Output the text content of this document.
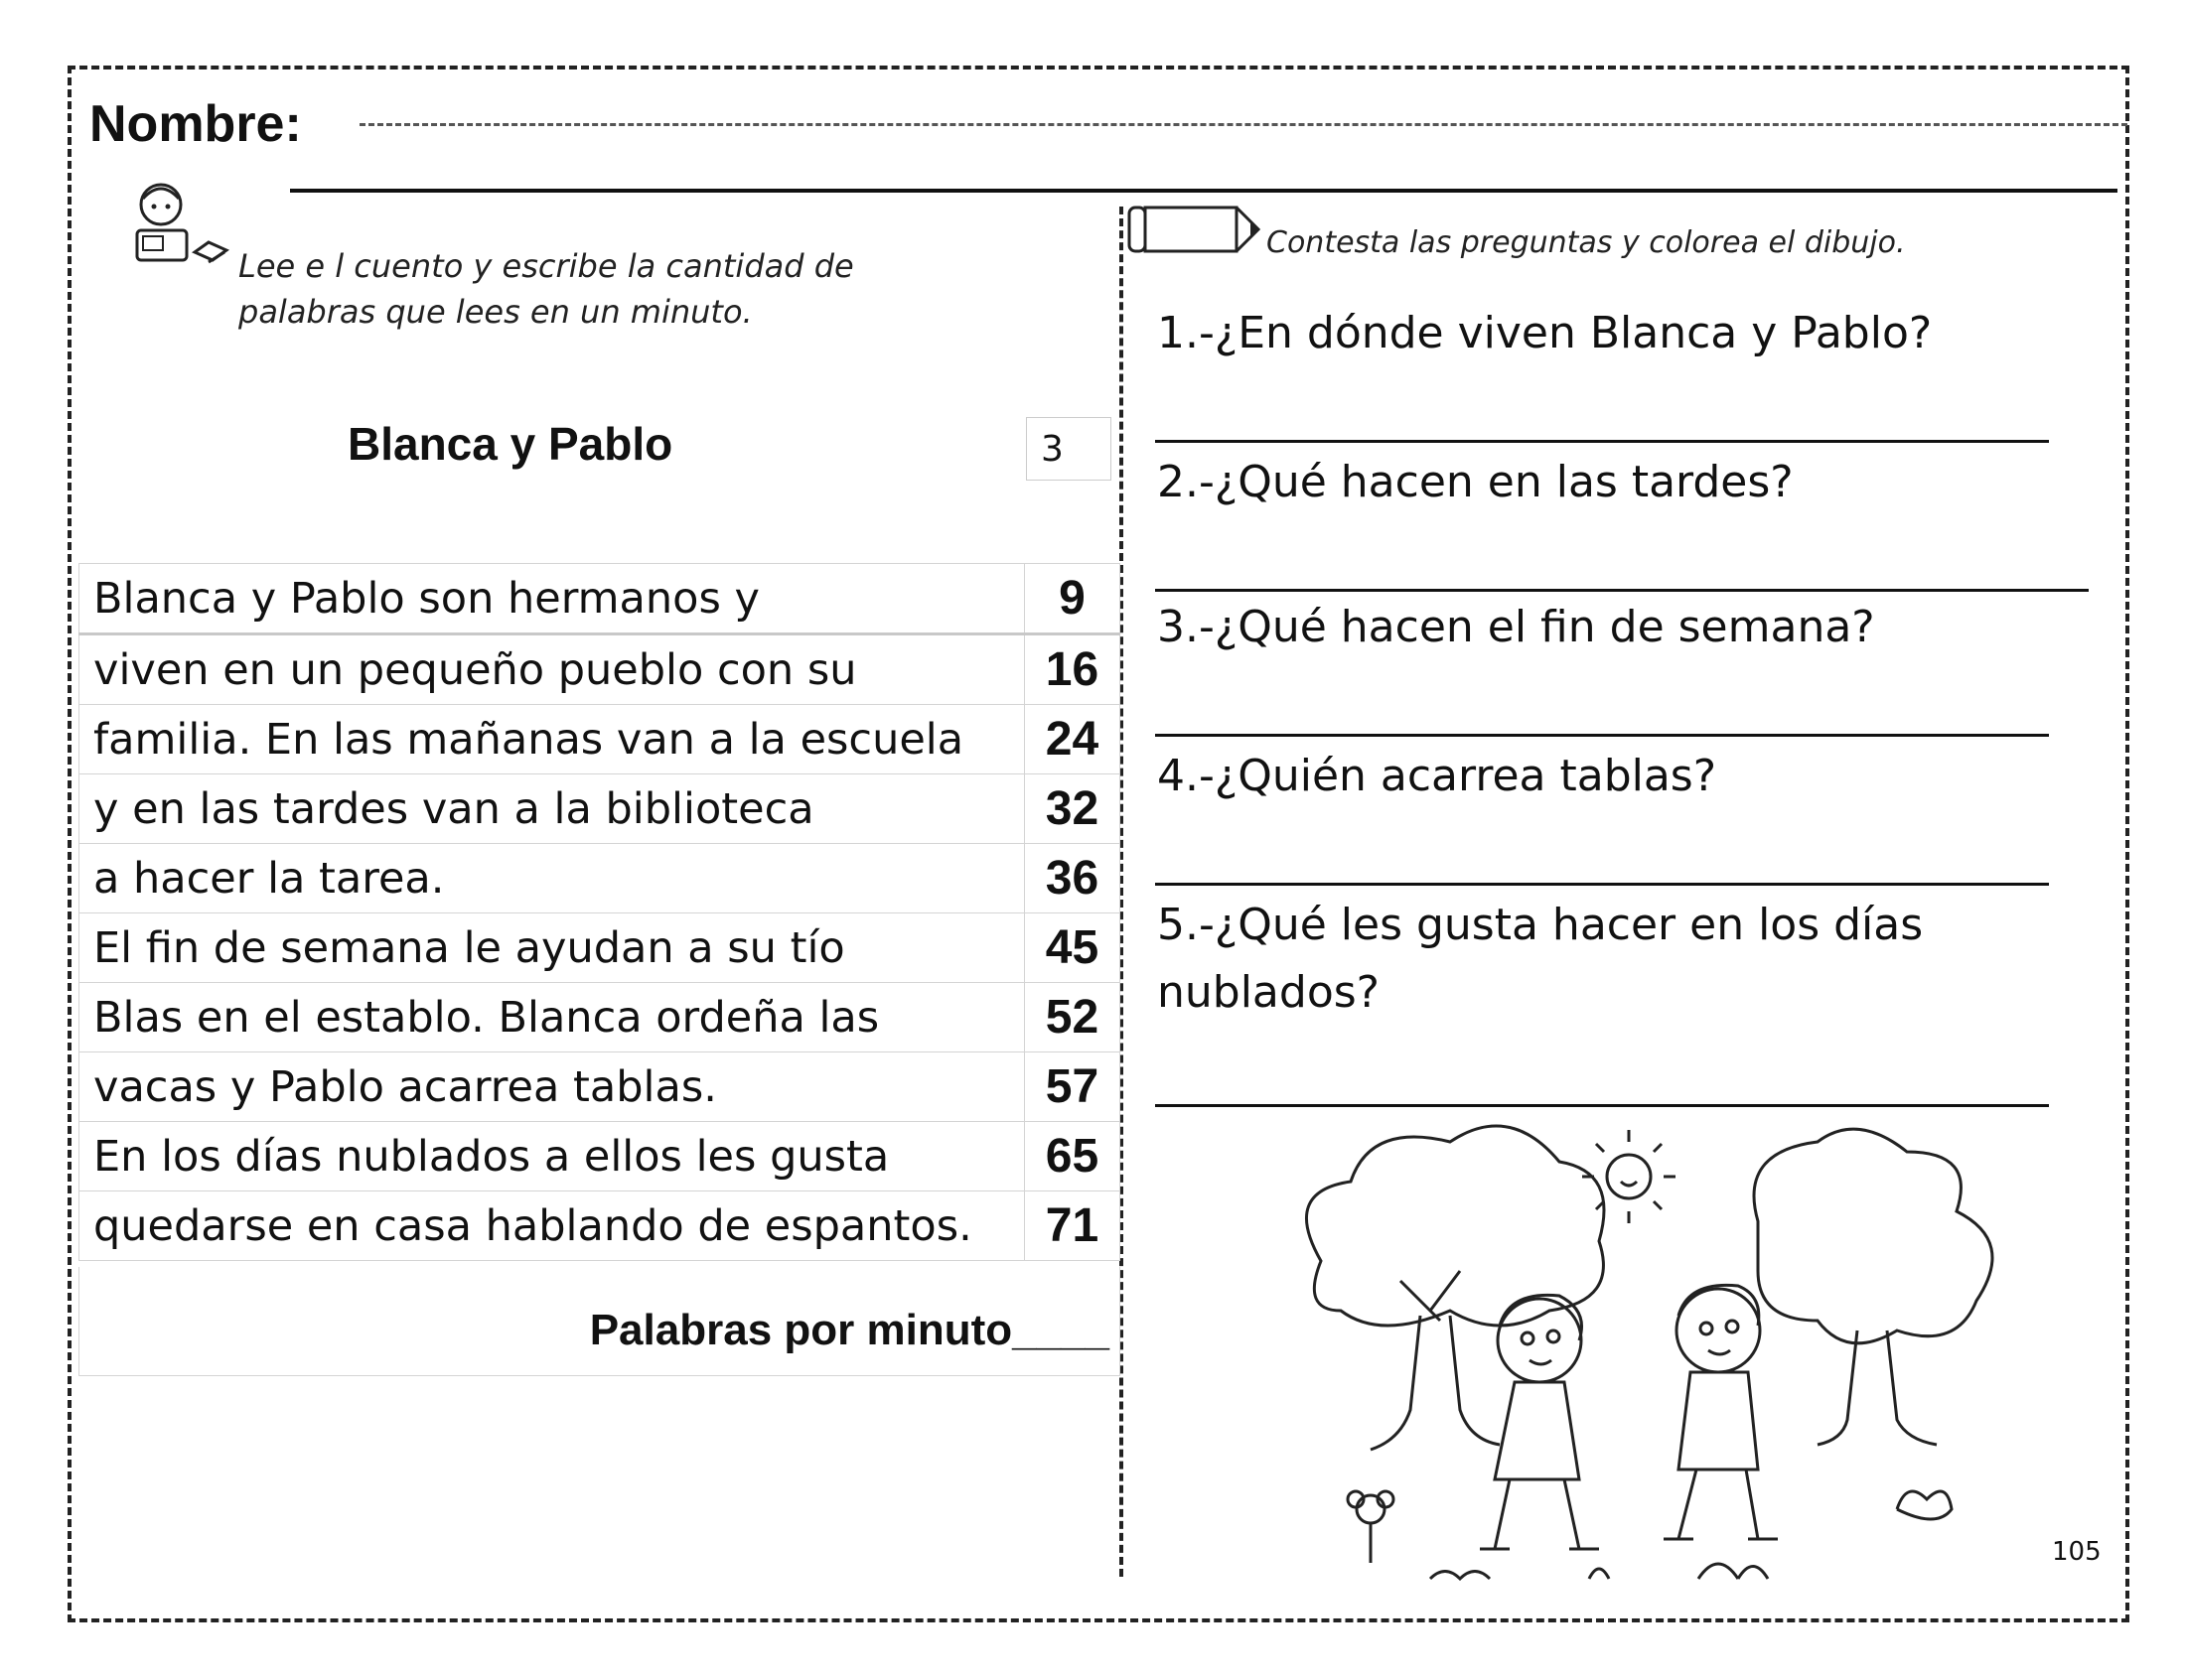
Nombre:
Lee e l cuento y escribe la cantidad de palabras que lees en un minuto.
Blanca y Pablo	3
Blanca y Pablo son hermanos y	9
viven en un pequeño pueblo con su	16
familia. En las mañanas van a la escuela	24
y en las tardes van a la biblioteca	32
a hacer la tarea.	36
El fin de semana le ayudan a su tío	45
Blas en el establo. Blanca ordeña las	52
vacas y Pablo acarrea tablas.	57
En los días nublados a ellos les gusta	65
quedarse en casa hablando de espantos.	71
Palabras por minuto____
Contesta las preguntas y colorea el dibujo.
1.-¿En dónde viven Blanca y Pablo?
2.-¿Qué hacen en las tardes?
3.-¿Qué hacen el fin de semana?
4.-¿Quién acarrea tablas?
5.-¿Qué les gusta hacer en los días nublados?
105
